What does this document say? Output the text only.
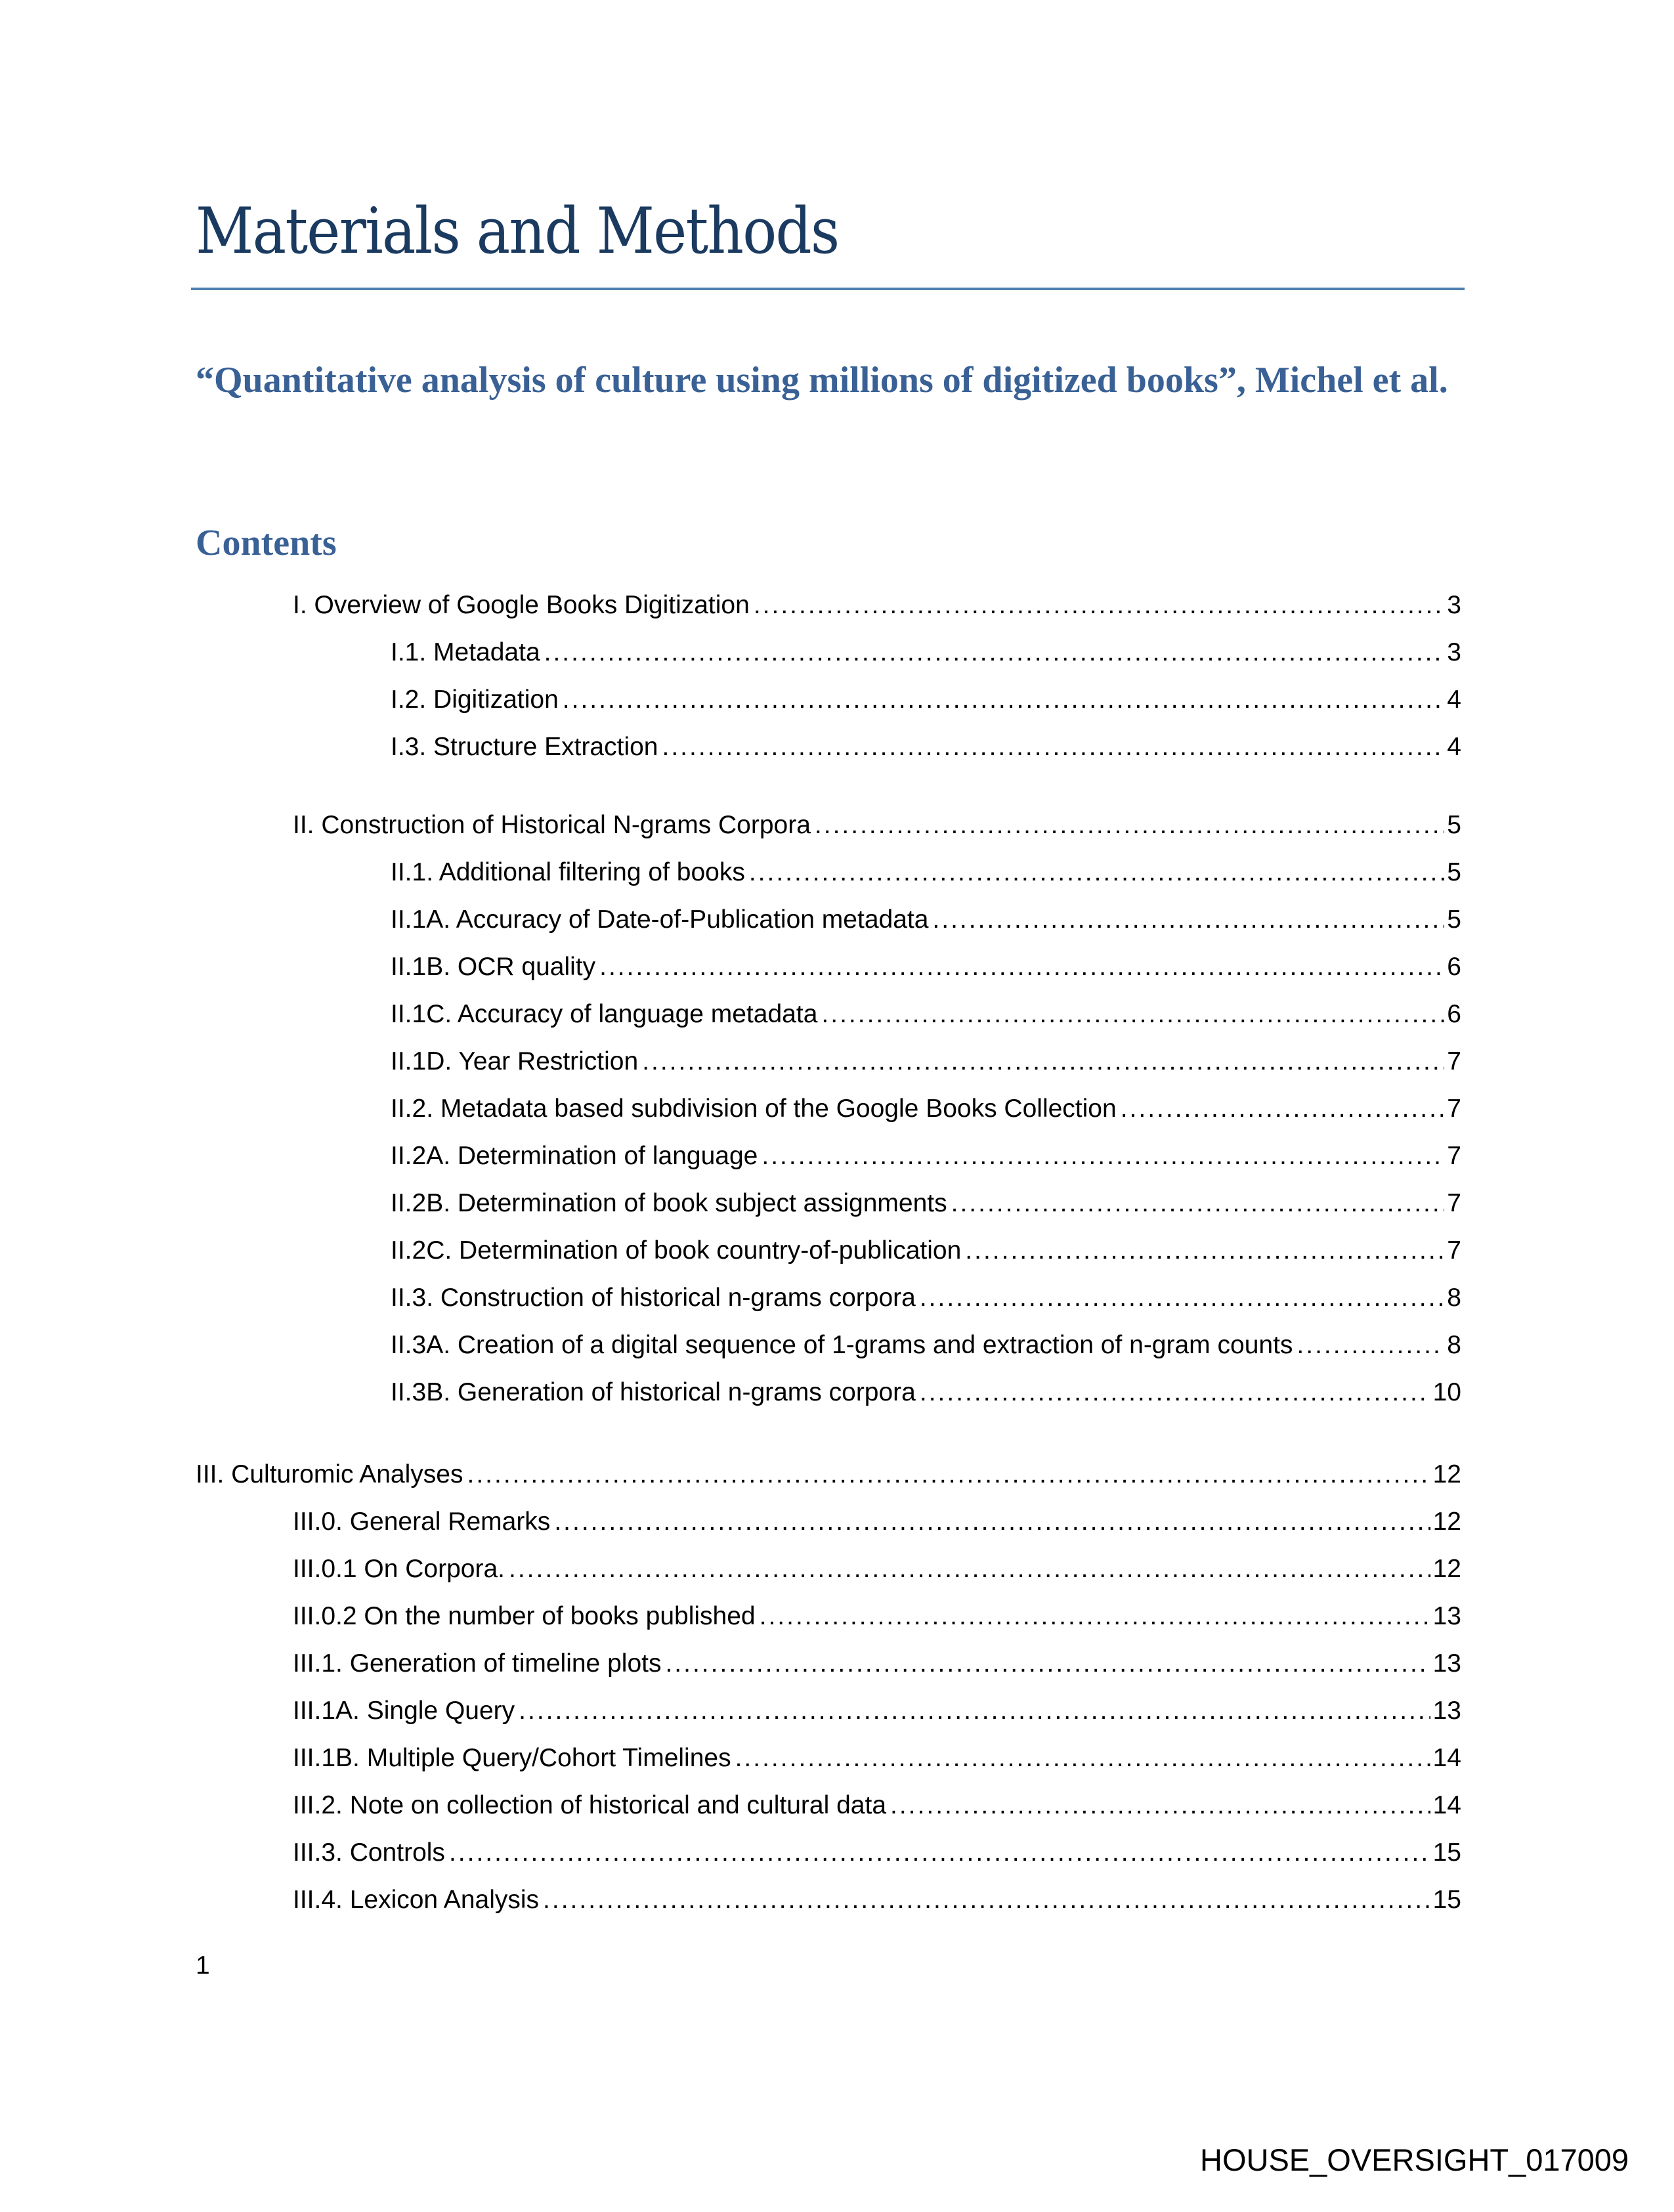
Materials and Methods

“Quantitative analysis of culture using millions of digitized books”, Michel et al.

Contents
I. Overview of Google Books Digitization .....	3
I.1. Metadata .....	3
I.2. Digitization .....	4
I.3. Structure Extraction .....	4
II. Construction of Historical N-grams Corpora .....	5
II.1. Additional filtering of books .....	5
II.1A. Accuracy of Date-of-Publication metadata .....	5
II.1B. OCR quality .....	6
II.1C. Accuracy of language metadata .....	6
II.1D. Year Restriction .....	7
II.2. Metadata based subdivision of the Google Books Collection .....	7
II.2A. Determination of language .....	7
II.2B. Determination of book subject assignments .....	7
II.2C. Determination of book country-of-publication .....	7
II.3. Construction of historical n-grams corpora .....	8
II.3A. Creation of a digital sequence of 1-grams and extraction of n-gram counts .....	8
II.3B. Generation of historical n-grams corpora .....	10
III. Culturomic Analyses .....	12
III.0. General Remarks .....	12
III.0.1 On Corpora. .....	12
III.0.2 On the number of books published .....	13
III.1. Generation of timeline plots .....	13
III.1A. Single Query .....	13
III.1B. Multiple Query/Cohort Timelines .....	14
III.2. Note on collection of historical and cultural data .....	14
III.3. Controls .....	15
III.4. Lexicon Analysis .....	15
1
HOUSE_OVERSIGHT_017009
